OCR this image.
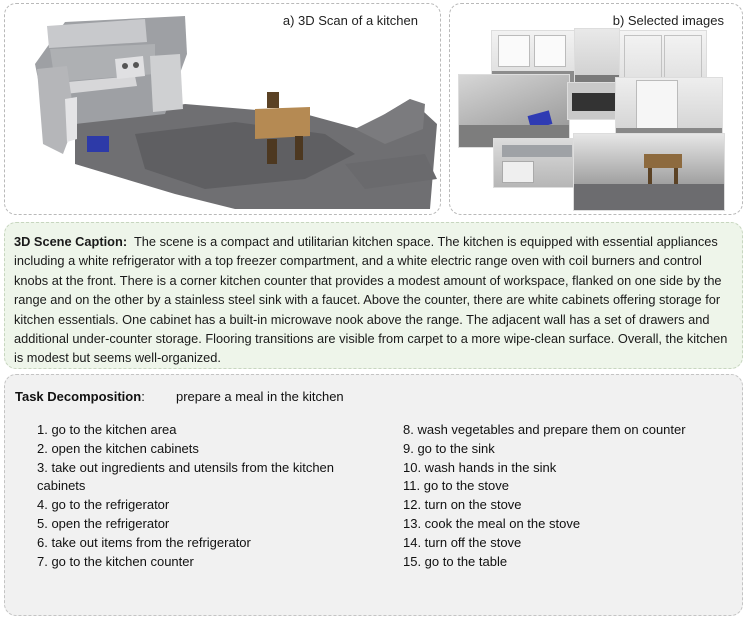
a) 3D Scan of a kitchen	b) Selected images
3D Scene Caption: The scene is a compact and utilitarian kitchen space. The kitchen is equipped with essential appliances including a white refrigerator with a top freezer compartment, and a white electric range oven with coil burners and control knobs at the front. There is a corner kitchen counter that provides a modest amount of workspace, flanked on one side by the range and on the other by a stainless steel sink with a faucet. Above the counter, there are white cabinets offering storage for kitchen essentials. One cabinet has a built-in microwave nook above the range. The adjacent wall has a set of drawers and additional under-counter storage. Flooring transitions are visible from carpet to a more wipe-clean surface. Overall, the kitchen is modest but seems well-organized.
Task Decomposition: prepare a meal in the kitchen

1. go to the kitchen area

2. open the kitchen cabinets

3. take out ingredients and utensils from the kitchen cabinets

4. go to the refrigerator

5. open the refrigerator

6. take out items from the refrigerator

7. go to the kitchen counter

8. wash vegetables and prepare them on counter

9. go to the sink

10. wash hands in the sink

11. go to the stove

12. turn on the stove

13. cook the meal on the stove

14. turn off the stove

15. go to the table
